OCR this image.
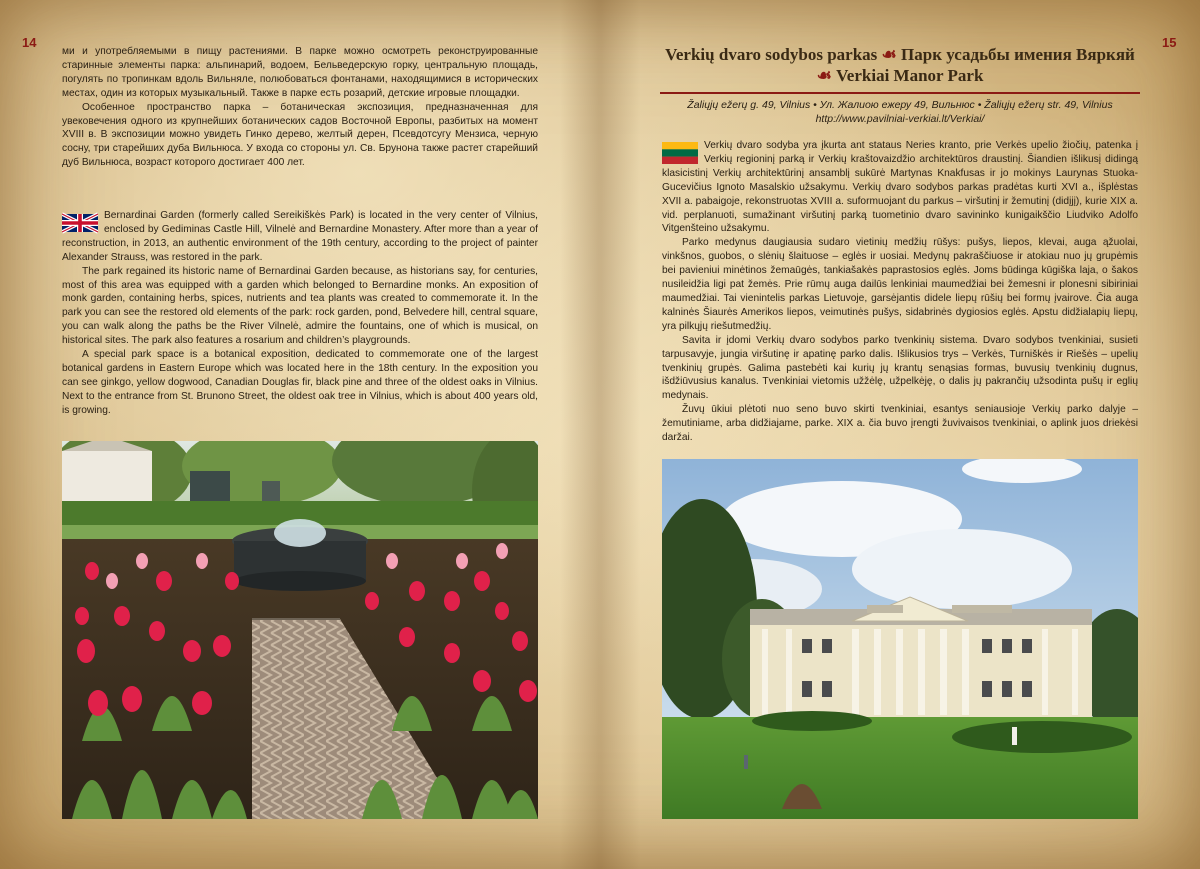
14	15

ми и употребляемыми в пищу растениями. В парке можно осмотреть реконструированные старинные элементы парка: альпинарий, водоем, Бельведерскую горку, центральную площадь, погулять по тропинкам вдоль Вильняле, полюбоваться фонтанами, находящимися в исторических местах, один из которых музыкальный. Также в парке есть розарий, детские игровые площадки.

Особенное пространство парка – ботаническая экспозиция, предназначенная для увековечения одного из крупнейших ботанических садов Восточной Европы, разбитых на момент XVIII в. В экспозиции можно увидеть Гинко дерево, желтый дерен, Псевдотсугу Мензиса, черную сосну, три старейших дуба Вильнюса. У входа со стороны ул. Св. Брунона также растет старейший дуб Вильнюса, возраст которого достигает 400 лет.

Bernardinai Garden (formerly called Sereikiškės Park) is located in the very center of Vilnius, enclosed by Gediminas Castle Hill, Vilnelė and Bernardine Monastery. After more than a year of reconstruction, in 2013, an authentic environment of the 19th century, according to the project of painter Alexander Strauss, was restored in the park.

The park regained its historic name of Bernardinai Garden because, as historians say, for centuries, most of this area was equipped with a garden which belonged to Bernardine monks. An exposition of monk garden, containing herbs, spices, nutrients and tea plants was created to commemorate it. In the park you can see the restored old elements of the park: rock garden, pond, Belvedere hill, central square, you can walk along the paths be the River Vilnelė, admire the fountains, one of which is musical, on historical sites. The park also features a rosarium and children’s playgrounds.

A special park space is a botanical exposition, dedicated to commemorate one of the largest botanical gardens in Eastern Europe which was located here in the 18th century. In the exposition you can see ginkgo, yellow dogwood, Canadian Douglas fir, black pine and three of the oldest oaks in Vilnius. Next to the entrance from St. Brunono Street, the oldest oak tree in Vilnius, which is about 400 years old, is growing.

Verkių dvaro sodybos parkas ☙ Парк усадьбы имения Вяркяй
☙ Verkiai Manor Park
Žaliųjų ežerų g. 49, Vilnius • Ул. Жалиою ежеру 49, Вильнюс • Žaliųjų ežerų str. 49, Vilnius
http://www.pavilniai-verkiai.lt/Verkiai/

Verkių dvaro sodyba yra įkurta ant stataus Neries kranto, prie Verkės upelio žiočių, patenka į Verkių regioninį parką ir Verkių kraštovaizdžio architektūros draustinį. Šiandien išlikusį didingą klasicistinį Verkių architektūrinį ansamblį sukūrė Martynas Knakfusas ir jo mokinys Laurynas Stuoka-Gucevičius Ignoto Masalskio užsakymu. Verkių dvaro sodybos parkas pradėtas kurti XVI a., išplėstas XVII a. pabaigoje, rekonstruotas XVIII a. suformuojant du parkus – viršutinį ir žemutinį (didįjį), kurie XIX a. vid. perplanuoti, sumažinant viršutinį parką tuometinio dvaro savininko kunigaikščio Liudviko Adolfo Vitgenšteino užsakymu.

Parko medynus daugiausia sudaro vietinių medžių rūšys: pušys, liepos, klevai, auga ąžuolai, vinkšnos, guobos, o slėnių šlaituose – eglės ir uosiai. Medynų pakraščiuose ir atokiau nuo jų grupėmis bei pavieniui minėtinos žemaūgės, tankiašakės paprastosios eglės. Joms būdinga kūgiška laja, o šakos nusileidžia ligi pat žemės. Prie rūmų auga dailūs lenkiniai maumedžiai bei žemesni ir plonesni sibiriniai maumedžiai. Tai vienintelis parkas Lietuvoje, garsėjantis didele liepų rūšių bei formų įvairove. Čia auga kalninės Šiaurės Amerikos liepos, veimutinės pušys, sidabrinės dygiosios eglės. Apstu didžialapių liepų, yra pilkųjų riešutmedžių.

Savita ir įdomi Verkių dvaro sodybos parko tvenkinių sistema. Dvaro sodybos tvenkiniai, susieti tarpusavyje, jungia viršutinę ir apatinę parko dalis. Išlikusios trys – Verkės, Turniškės ir Riešės – upelių tvenkinių grupės. Galima pastebėti kai kurių jų krantų senąsias formas, buvusių tvenkinių dugnus, išdžiūvusius kanalus. Tvenkiniai vietomis užžėlę, užpelkėję, o dalis jų pakrančių užsodinta pušų ir eglių medynais.

Žuvų ūkiui plėtoti nuo seno buvo skirti tvenkiniai, esantys seniausioje Verkių parko dalyje – žemutiniame, arba didžiajame, parke. XIX a. čia buvo įrengti žuvivaisos tvenkiniai, o aplink juos driekėsi daržai.
